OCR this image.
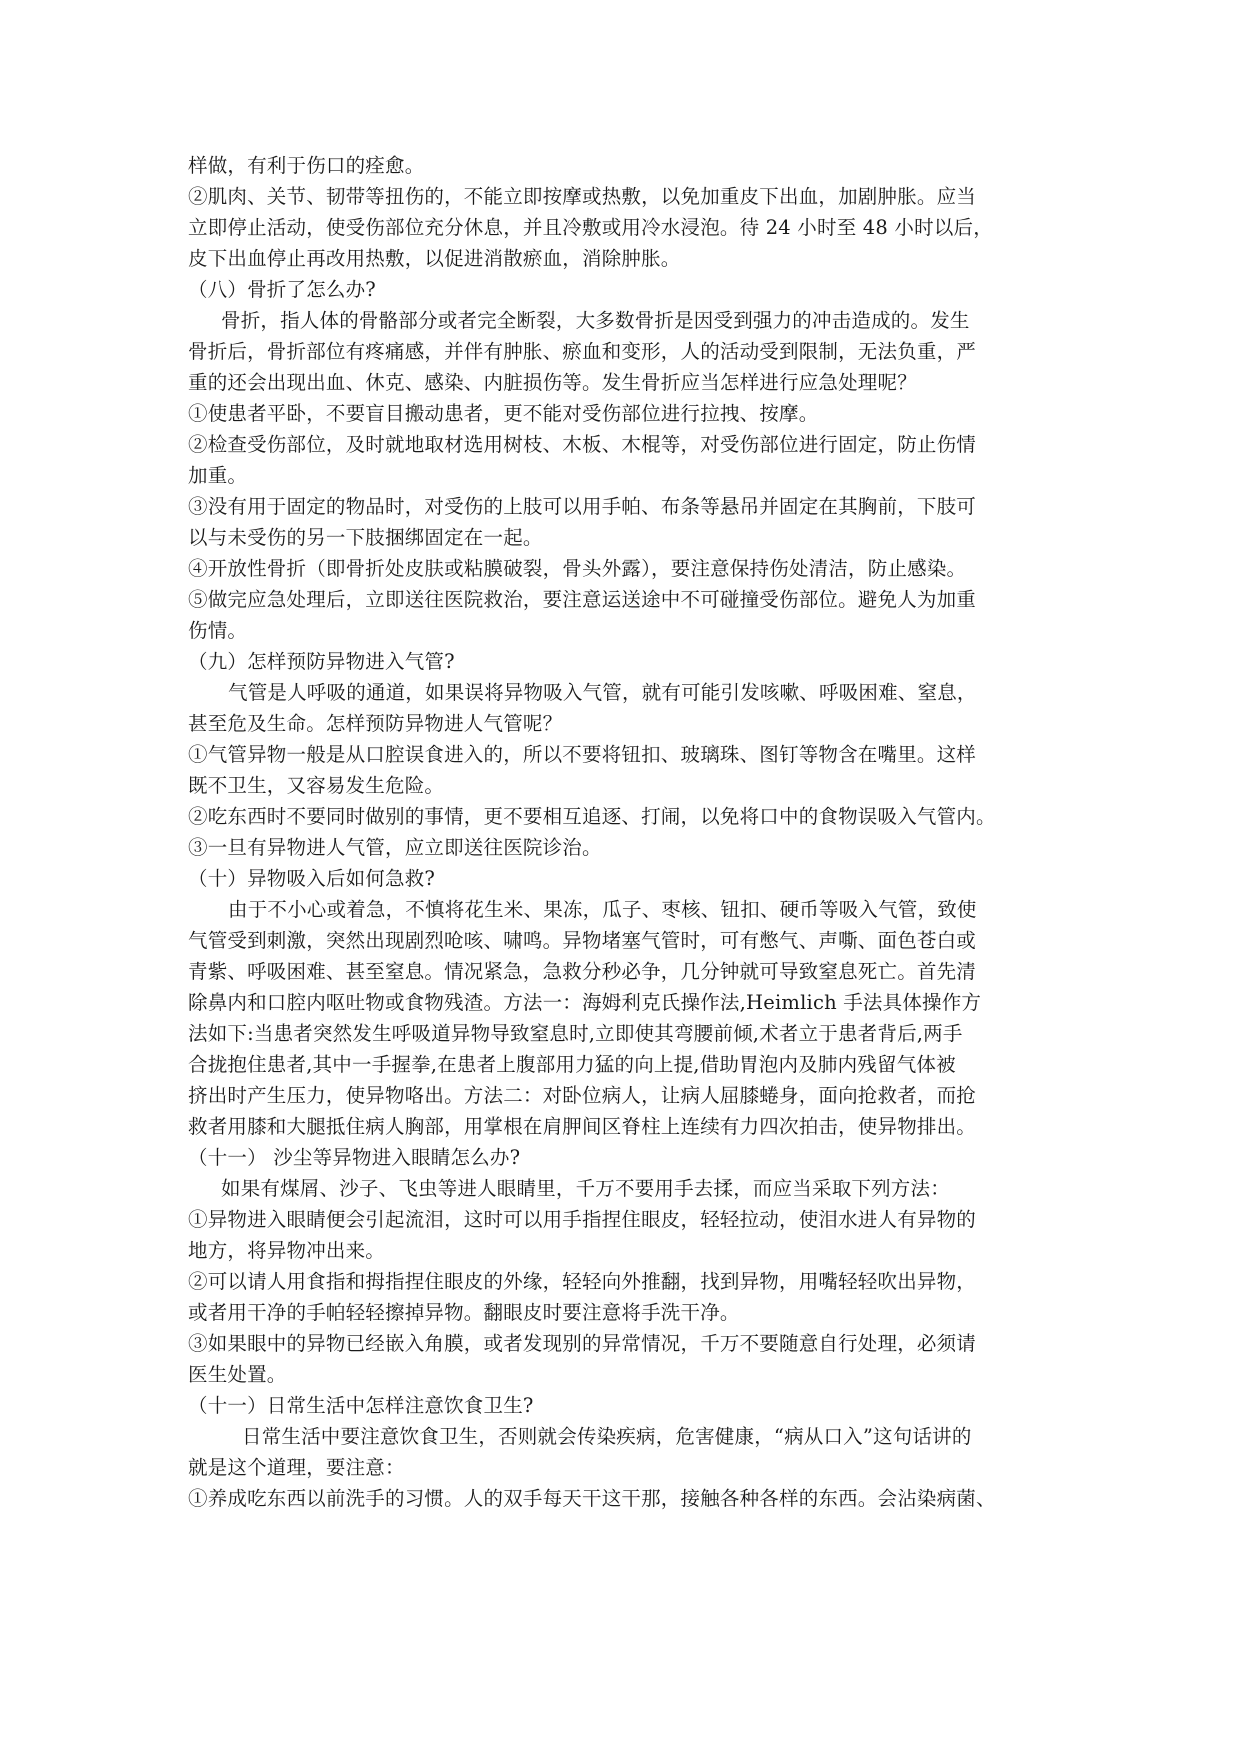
样做，有利于伤口的痊愈。
②肌肉、关节、韧带等扭伤的，不能立即按摩或热敷，以免加重皮下出血，加剧肿胀。应当
立即停止活动，使受伤部位充分休息，并且冷敷或用冷水浸泡。待 24 小时至 48 小时以后，
皮下出血停止再改用热敷，以促进消散瘀血，消除肿胀。
（八）骨折了怎么办?
骨折，指人体的骨骼部分或者完全断裂，大多数骨折是因受到强力的冲击造成的。发生
骨折后，骨折部位有疼痛感，并伴有肿胀、瘀血和变形，人的活动受到限制，无法负重，严
重的还会出现出血、休克、感染、内脏损伤等。发生骨折应当怎样进行应急处理呢？
①使患者平卧，不要盲目搬动患者，更不能对受伤部位进行拉拽、按摩。
②检查受伤部位，及时就地取材选用树枝、木板、木棍等，对受伤部位进行固定，防止伤情
加重。
③没有用于固定的物品时，对受伤的上肢可以用手帕、布条等悬吊并固定在其胸前，下肢可
以与未受伤的另一下肢捆绑固定在一起。
④开放性骨折（即骨折处皮肤或粘膜破裂，骨头外露），要注意保持伤处清洁，防止感染。
⑤做完应急处理后，立即送往医院救治，要注意运送途中不可碰撞受伤部位。避免人为加重
伤情。
（九）怎样预防异物进入气管?
气管是人呼吸的通道，如果误将异物吸入气管，就有可能引发咳嗽、呼吸困难、窒息，
甚至危及生命。怎样预防异物进人气管呢？
①气管异物一般是从口腔误食进入的，所以不要将钮扣、玻璃珠、图钉等物含在嘴里。这样
既不卫生，又容易发生危险。
②吃东西时不要同时做别的事情，更不要相互追逐、打闹，以免将口中的食物误吸入气管内。
③一旦有异物进人气管，应立即送往医院诊治。
（十）异物吸入后如何急救?
由于不小心或着急，不慎将花生米、果冻，瓜子、枣核、钮扣、硬币等吸入气管，致使
气管受到刺激，突然出现剧烈呛咳、啸鸣。异物堵塞气管时，可有憋气、声嘶、面色苍白或
青紫、呼吸困难、甚至窒息。情况紧急，急救分秒必争，几分钟就可导致窒息死亡。首先清
除鼻内和口腔内呕吐物或食物残渣。方法一：海姆利克氏操作法,Heimlich 手法具体操作方
法如下:当患者突然发生呼吸道异物导致窒息时,立即使其弯腰前倾,术者立于患者背后,两手
合拢抱住患者,其中一手握拳,在患者上腹部用力猛的向上提,借助胃泡内及肺内残留气体被
挤出时产生压力，使异物咯出。方法二：对卧位病人，让病人屈膝蜷身，面向抢救者，而抢
救者用膝和大腿抵住病人胸部，用掌根在肩胛间区脊柱上连续有力四次拍击，使异物排出。
（十一） 沙尘等异物进入眼睛怎么办?
如果有煤屑、沙子、飞虫等进人眼睛里，千万不要用手去揉，而应当采取下列方法：
①异物进入眼睛便会引起流泪，这时可以用手指捏住眼皮，轻轻拉动，使泪水进人有异物的
地方，将异物冲出来。
②可以请人用食指和拇指捏住眼皮的外缘，轻轻向外推翻，找到异物，用嘴轻轻吹出异物，
或者用干净的手帕轻轻擦掉异物。翻眼皮时要注意将手洗干净。
③如果眼中的异物已经嵌入角膜，或者发现别的异常情况，千万不要随意自行处理，必须请
医生处置。
（十一）日常生活中怎样注意饮食卫生?
日常生活中要注意饮食卫生，否则就会传染疾病，危害健康，“病从口入”这句话讲的
就是这个道理，要注意：
①养成吃东西以前洗手的习惯。人的双手每天干这干那，接触各种各样的东西。会沾染病菌、
